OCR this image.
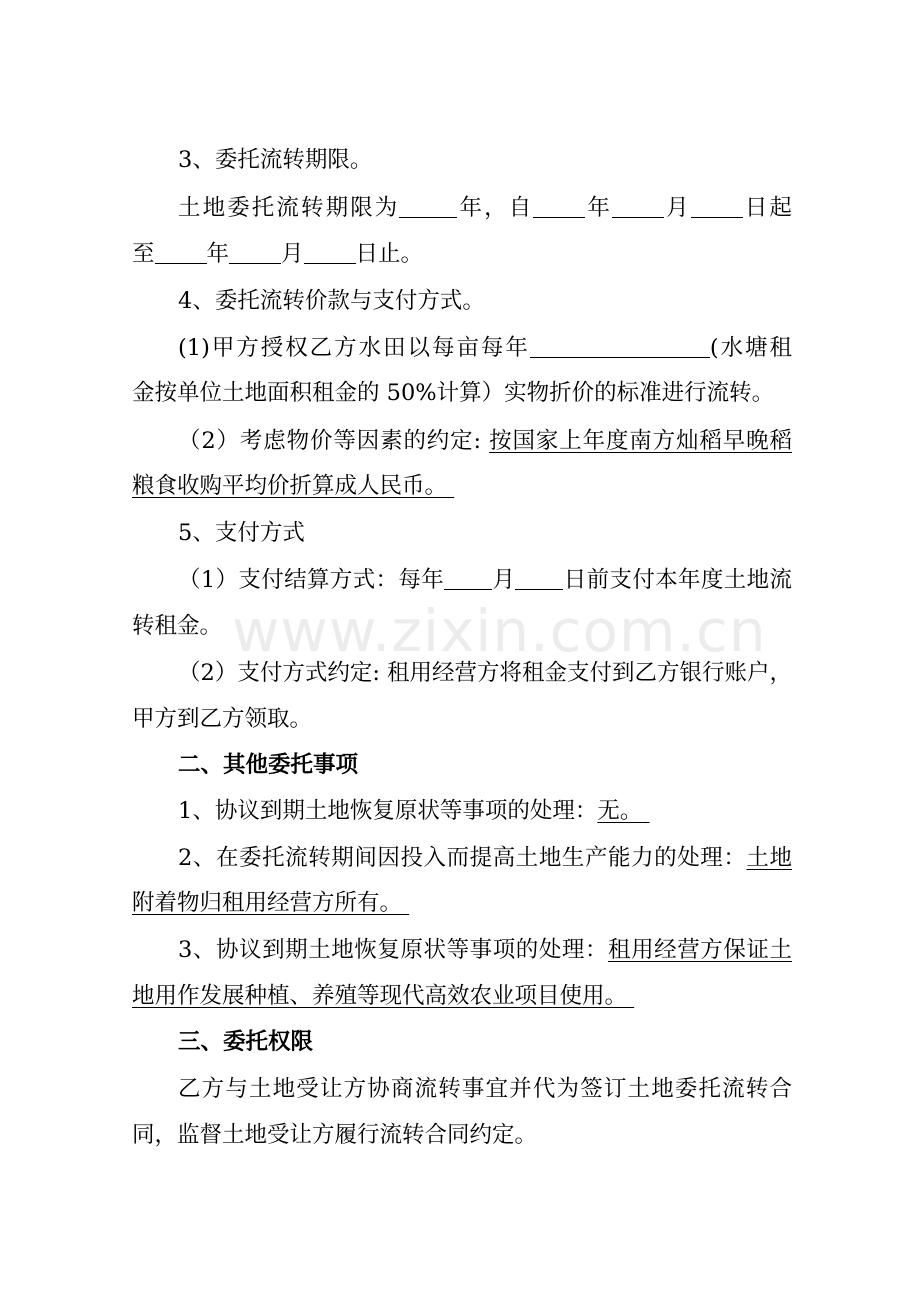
www.zixin.com.cn
3、委托流转期限。
土地委托流转期限为	年，自 年 月 日起
至 年 月 日止。
4、委托流转价款与支付方式。
(1)甲方授权乙方水田以每亩每年	(水塘租
金按单位土地面积租金的 50%计算）实物折价的标准进行流转。
（2）考虑物价等因素的约定: 按国家上年度南方灿稻早晚稻
粮食收购平均价折算成人民币。
5、支付方式
（1）支付结算方式：每年 月 日前支付本年度土地流
转租金。
（2）支付方式约定: 租用经营方将租金支付到乙方银行账户，
甲方到乙方领取。
二、其他委托事项
1、协议到期土地恢复原状等事项的处理：无。
2、在委托流转期间因投入而提高土地生产能力的处理：土地
附着物归租用经营方所有。
3、协议到期土地恢复原状等事项的处理：租用经营方保证土
地用作发展种植、养殖等现代高效农业项目使用。
三、委托权限
乙方与土地受让方协商流转事宜并代为签订土地委托流转合
同，监督土地受让方履行流转合同约定。
